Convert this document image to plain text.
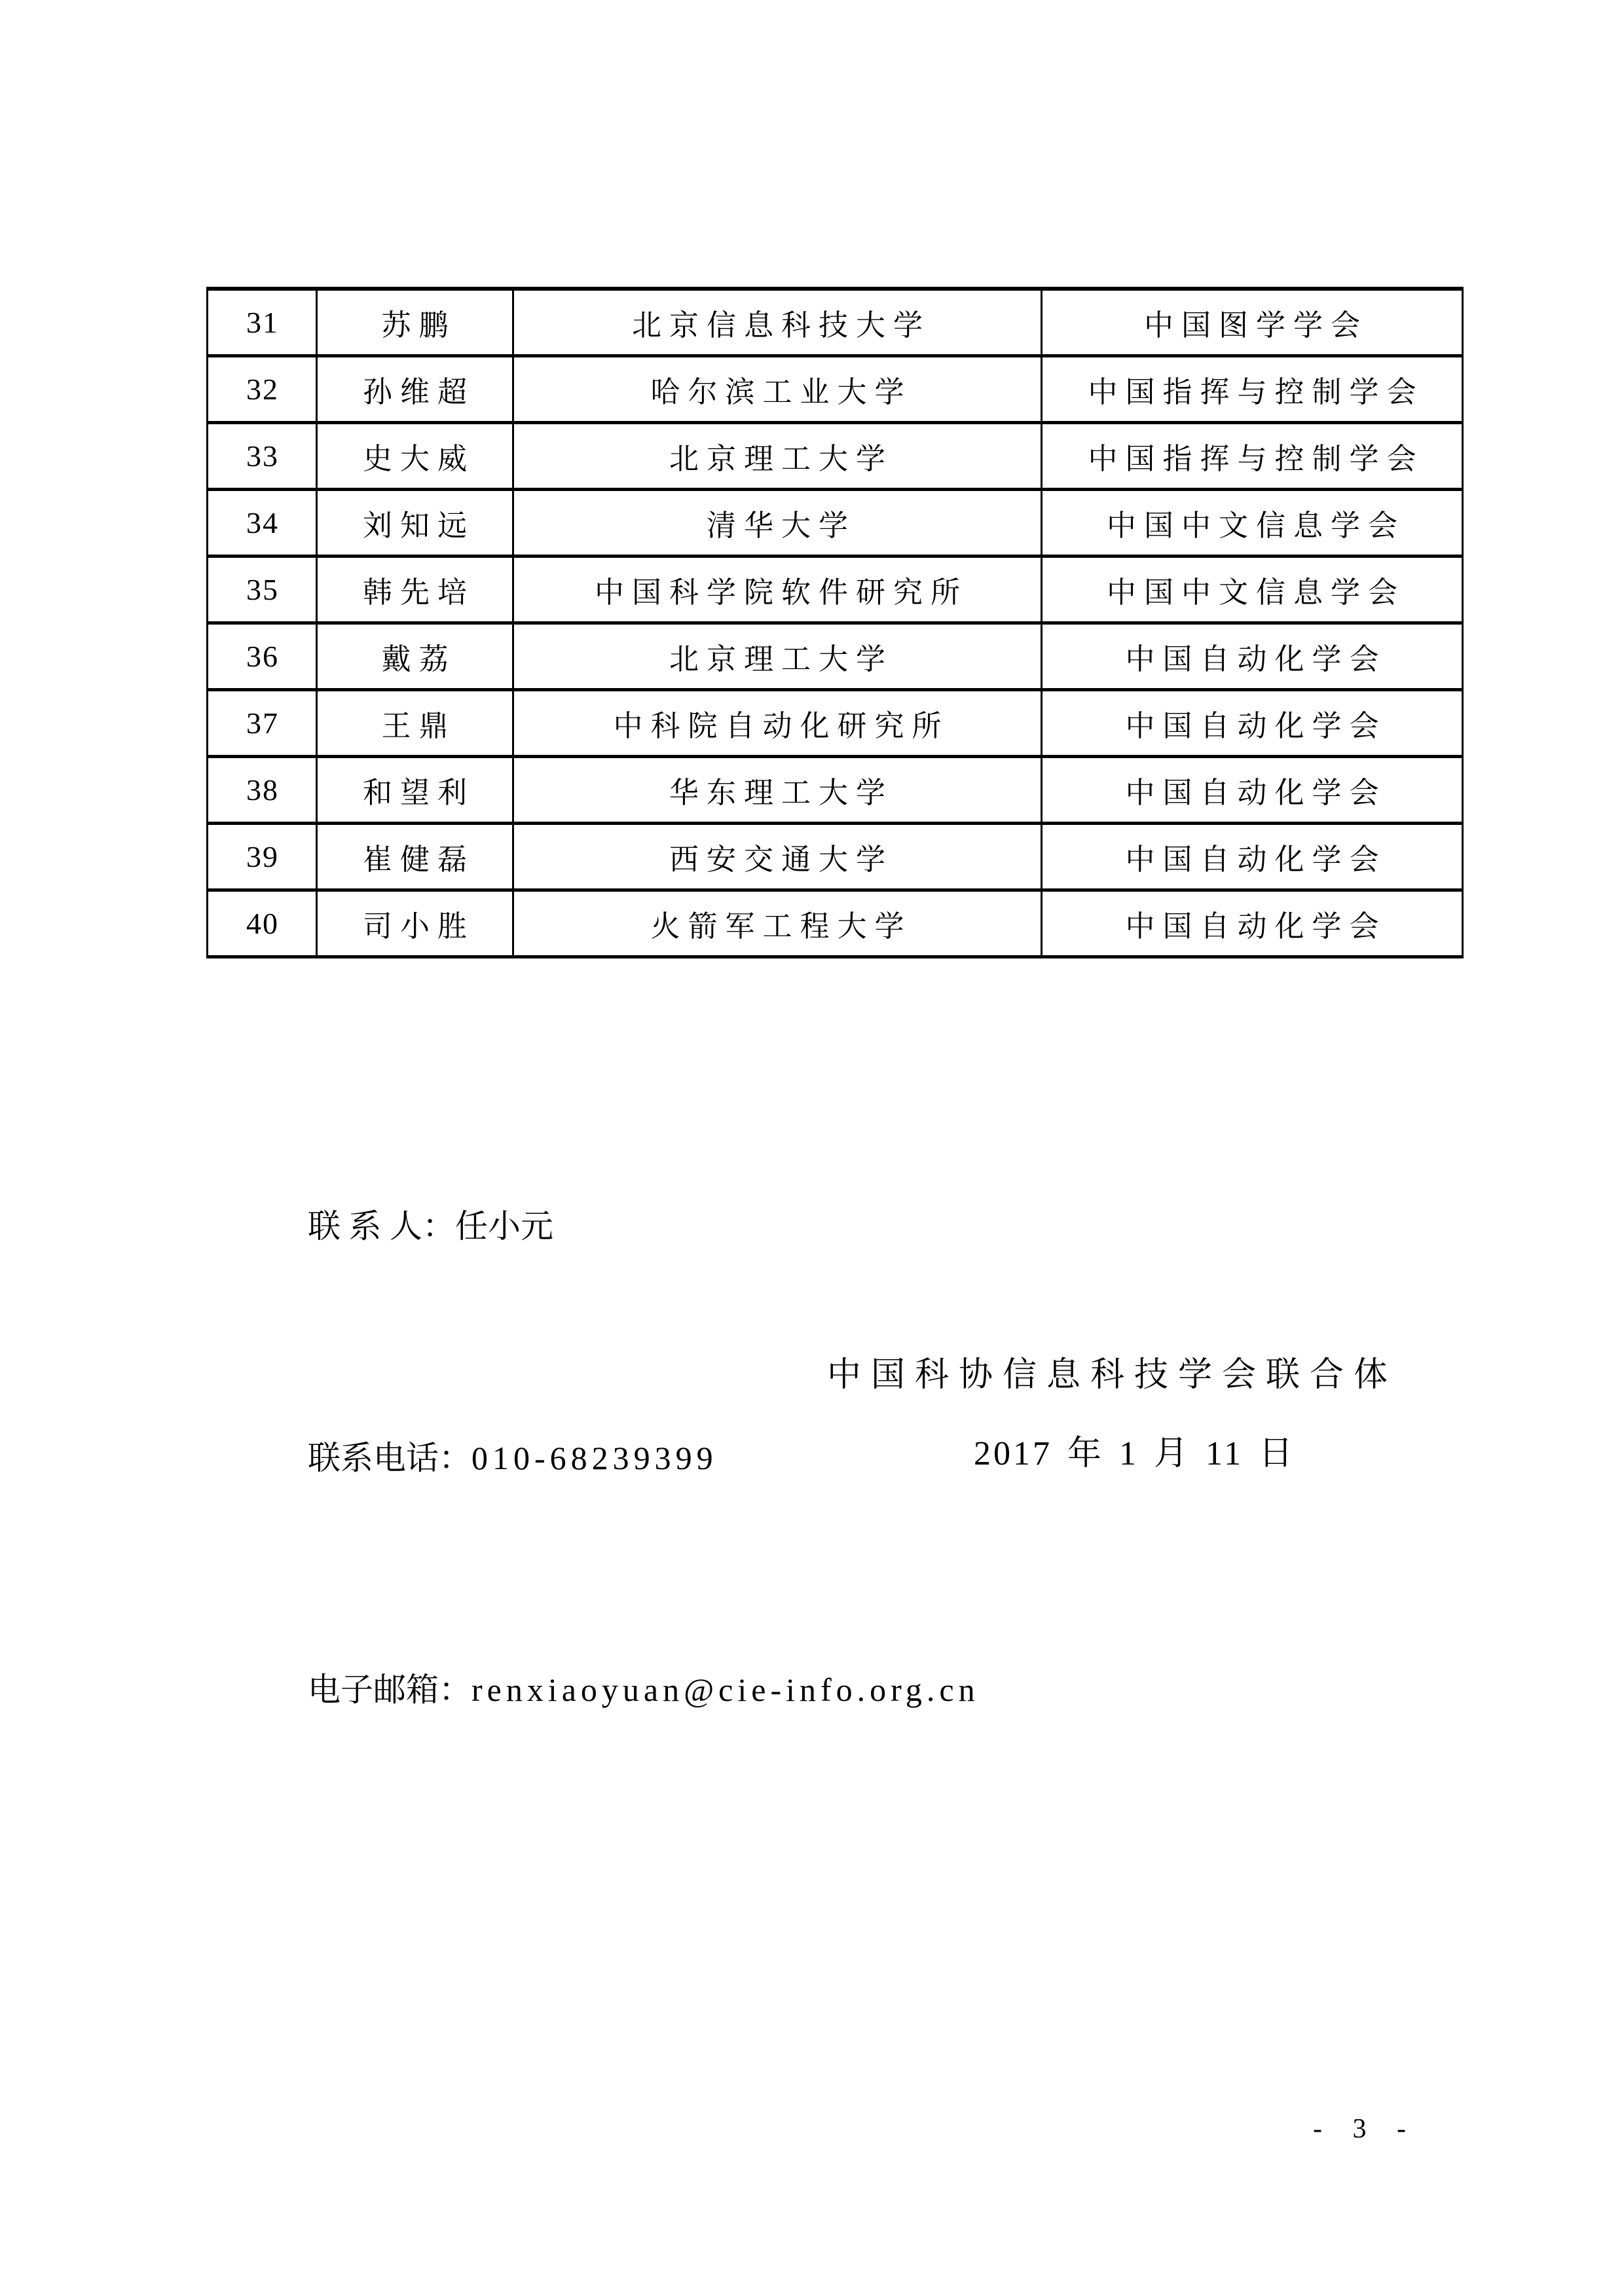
31	苏鹏	北京信息科技大学	中国图学学会
32	孙维超	哈尔滨工业大学	中国指挥与控制学会
33	史大威	北京理工大学	中国指挥与控制学会
34	刘知远	清华大学	中国中文信息学会
35	韩先培	中国科学院软件研究所	中国中文信息学会
36	戴荔	北京理工大学	中国自动化学会
37	王鼎	中科院自动化研究所	中国自动化学会
38	和望利	华东理工大学	中国自动化学会
39	崔健磊	西安交通大学	中国自动化学会
40	司小胜	火箭军工程大学	中国自动化学会

联 系 人：任小元

联系电话：010-68239399

电子邮箱：renxiaoyuan@cie-info.org.cn

中国科协信息科技学会联合体
2017 年 1 月 11 日
- 3 -
